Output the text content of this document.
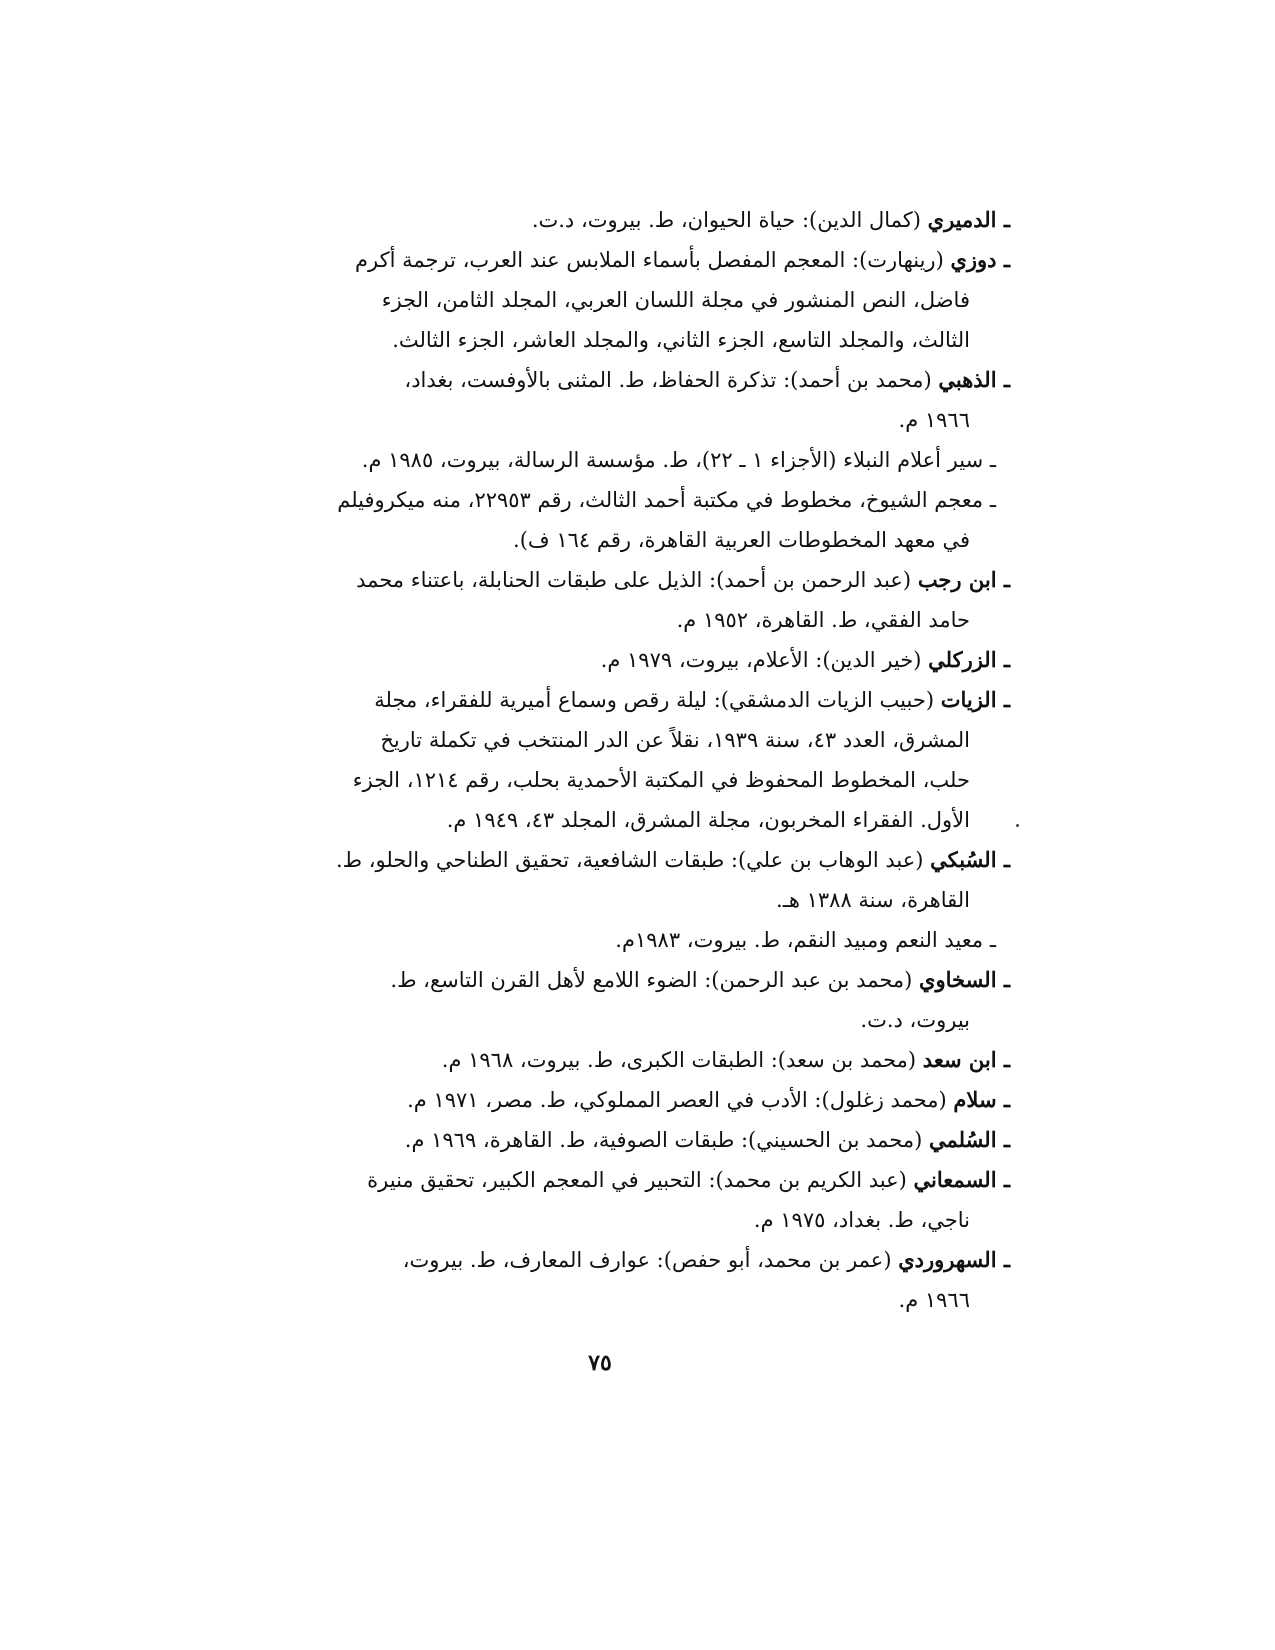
ـ الدميري (كمال الدين): حياة الحيوان، ط. بيروت، د.ت.
ـ دوزي (رينهارت): المعجم المفصل بأسماء الملابس عند العرب، ترجمة أكرم
فاضل، النص المنشور في مجلة اللسان العربي، المجلد الثامن، الجزء
الثالث، والمجلد التاسع، الجزء الثاني، والمجلد العاشر، الجزء الثالث.
ـ الذهبي (محمد بن أحمد): تذكرة الحفاظ، ط. المثنى بالأوفست، بغداد،
١٩٦٦ م.
ـ سير أعلام النبلاء (الأجزاء ١ ـ ٢٢)، ط. مؤسسة الرسالة، بيروت، ١٩٨٥ م.
ـ معجم الشيوخ، مخطوط في مكتبة أحمد الثالث، رقم ٢٢٩٥٣، منه ميكروفيلم
في معهد المخطوطات العربية القاهرة، رقم ١٦٤ ف).
ـ ابن رجب (عبد الرحمن بن أحمد): الذيل على طبقات الحنابلة، باعتناء محمد
حامد الفقي، ط. القاهرة، ١٩٥٢ م.
ـ الزركلي (خير الدين): الأعلام، بيروت، ١٩٧٩ م.
ـ الزيات (حبيب الزيات الدمشقي): ليلة رقص وسماع أميرية للفقراء، مجلة
المشرق، العدد ٤٣، سنة ١٩٣٩، نقلاً عن الدر المنتخب في تكملة تاريخ
حلب، المخطوط المحفوظ في المكتبة الأحمدية بحلب، رقم ١٢١٤، الجزء
الأول. الفقراء المخربون، مجلة المشرق، المجلد ٤٣، ١٩٤٩ م.
ـ السُبكي (عبد الوهاب بن علي): طبقات الشافعية، تحقيق الطناحي والحلو، ط.
القاهرة، سنة ١٣٨٨ هـ.
ـ معيد النعم ومبيد النقم، ط. بيروت، ١٩٨٣م.
ـ السخاوي (محمد بن عبد الرحمن): الضوء اللامع لأهل القرن التاسع، ط.
بيروت، د.ت.
ـ ابن سعد (محمد بن سعد): الطبقات الكبرى، ط. بيروت، ١٩٦٨ م.
ـ سلام (محمد زغلول): الأدب في العصر المملوكي، ط. مصر، ١٩٧١ م.
ـ السُلمي (محمد بن الحسيني): طبقات الصوفية، ط. القاهرة، ١٩٦٩ م.
ـ السمعاني (عبد الكريم بن محمد): التحبير في المعجم الكبير، تحقيق منيرة
ناجي، ط. بغداد، ١٩٧٥ م.
ـ السهروردي (عمر بن محمد، أبو حفص): عوارف المعارف، ط. بيروت،
١٩٦٦ م.
٧٥
